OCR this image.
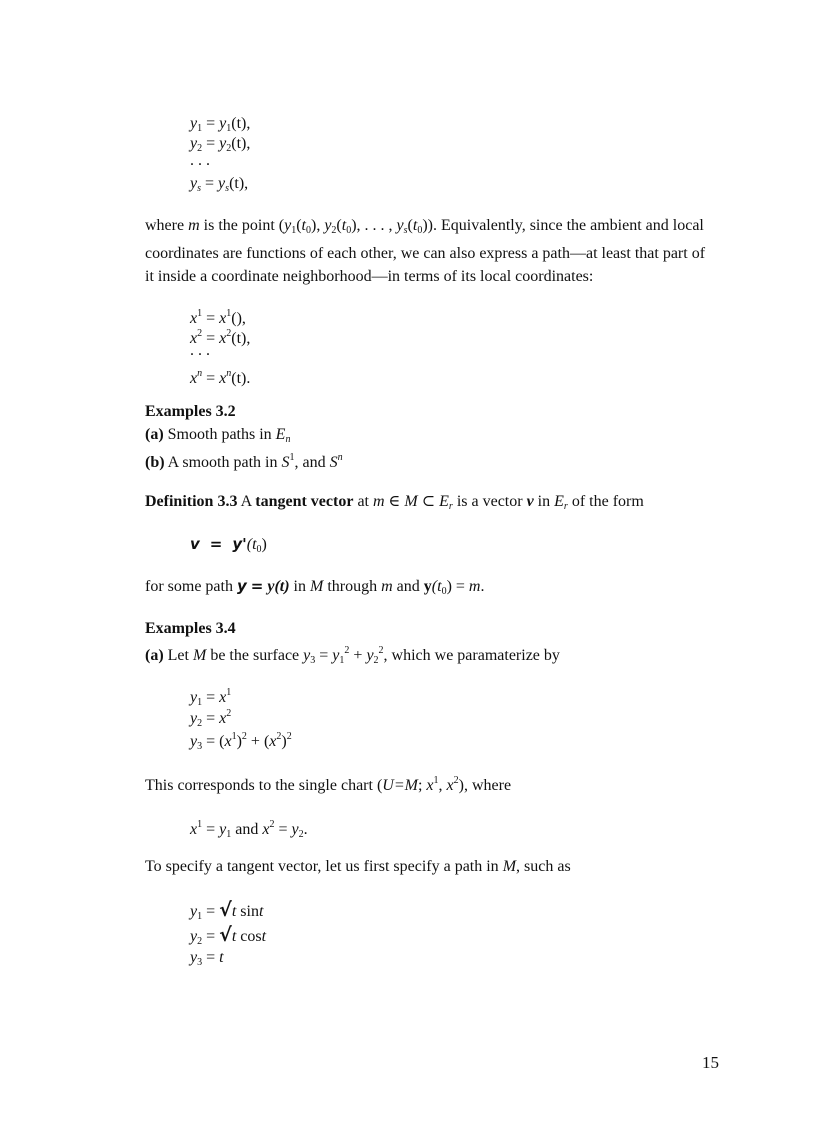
$y_1 = y_1(t)$,
$y_2 = y_2(t)$,
. . .
ys = ys(t),
where m is the point ($y_1(t_0)$, $y_2(t_0)$, . . . , $ys(t_0)$). Equivalently, since the ambient and local coordinates are functions of each other, we can also express a path—at least that part of it inside a coordinate neighborhood—in terms of its local coordinates:
$x^1 = x^1()$,
$x^2 = x^2(t)$,
. . .
$x^n = x^n(t)$.
Examples 3.2
(a) Smooth paths in En
(b) A smooth path in $S^1$, and $S^n$
Definition 3.3 A tangent vector at m ∈ M ⊂ Er is a vector v in Er of the form
$v = y'(t_0)$
for some path y = y(t) in M through m and $y(t_0) = m$.
Examples 3.4
(a) Let M be the surface $y_3 = y_1^2 + y_2^2$, which we paramaterize by
$y_1 = x^1$
$y_2 = x^2$
$y_3 = (x^1)^2 + (x^2)^2$
This corresponds to the single chart (U=M; $x^1$, $x^2$), where
$x^1 = y_1$ and $x^2 = y_2$.
To specify a tangent vector, let us first specify a path in M, such as
$y_1 = √t$ sint
$y_2 = √t$ cost
$y_3 = t$
15
